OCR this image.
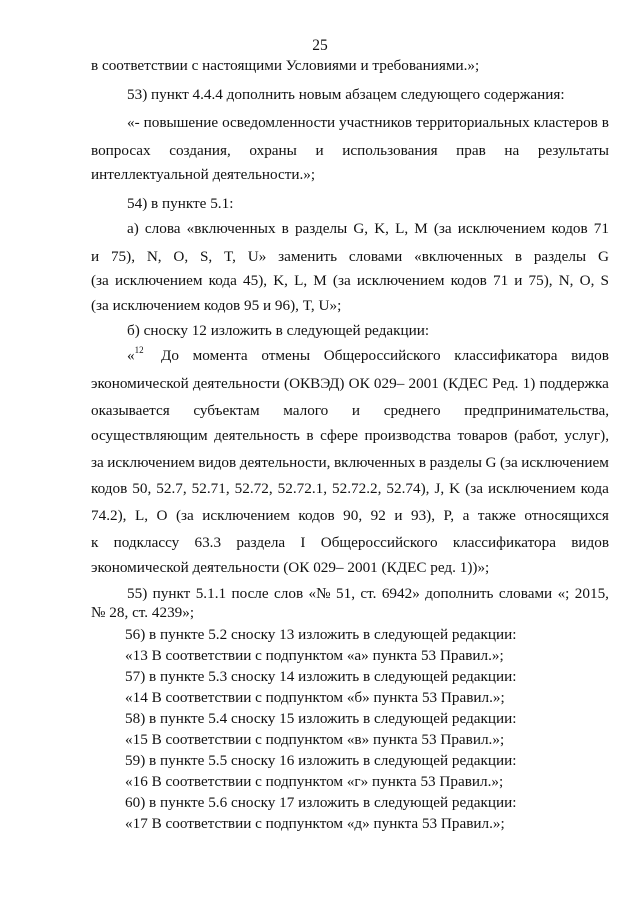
25
в соответствии с настоящими Условиями и требованиями.»;
53) пункт 4.4.4 дополнить новым абзацем следующего содержания:
«- повышение осведомленности участников территориальных кластеров в
вопросах создания, охраны и использования прав на результаты
интеллектуальной деятельности.»;
54) в пункте 5.1:
а) слова «включенных в разделы G, K, L, M (за исключением кодов 71
и 75), N, O, S, T, U» заменить словами «включенных в разделы G
(за исключением кода 45), K, L, M (за исключением кодов 71 и 75), N, O, S
(за исключением кодов 95 и 96), T, U»;
б) сноску 12 изложить в следующей редакции:
«$^{12}$ До момента отмены Общероссийского классификатора видов
экономической деятельности (ОКВЭД) ОК 029– 2001 (КДЕС Ред. 1) поддержка
оказывается субъектам малого и среднего предпринимательства,
осуществляющим деятельность в сфере производства товаров (работ, услуг),
за исключением видов деятельности, включенных в разделы G (за исключением
кодов 50, 52.7, 52.71, 52.72, 52.72.1, 52.72.2, 52.74), J, K (за исключением кода
74.2), L, O (за исключением кодов 90, 92 и 93), P, а также относящихся
к подклассу 63.3 раздела I Общероссийского классификатора видов
экономической деятельности (ОК 029– 2001 (КДЕС ред. 1))»;
55) пункт 5.1.1 после слов «№ 51, ст. 6942» дополнить словами «; 2015,
№ 28, ст. 4239»;
56) в пункте 5.2 сноску 13 изложить в следующей редакции:
«13 В соответствии с подпунктом «а» пункта 53 Правил.»;
57) в пункте 5.3 сноску 14 изложить в следующей редакции:
«14 В соответствии с подпунктом «б» пункта 53 Правил.»;
58) в пункте 5.4 сноску 15 изложить в следующей редакции:
«15 В соответствии с подпунктом «в» пункта 53 Правил.»;
59) в пункте 5.5 сноску 16 изложить в следующей редакции:
«16 В соответствии с подпунктом «г» пункта 53 Правил.»;
60) в пункте 5.6 сноску 17 изложить в следующей редакции:
«17 В соответствии с подпунктом «д» пункта 53 Правил.»;
